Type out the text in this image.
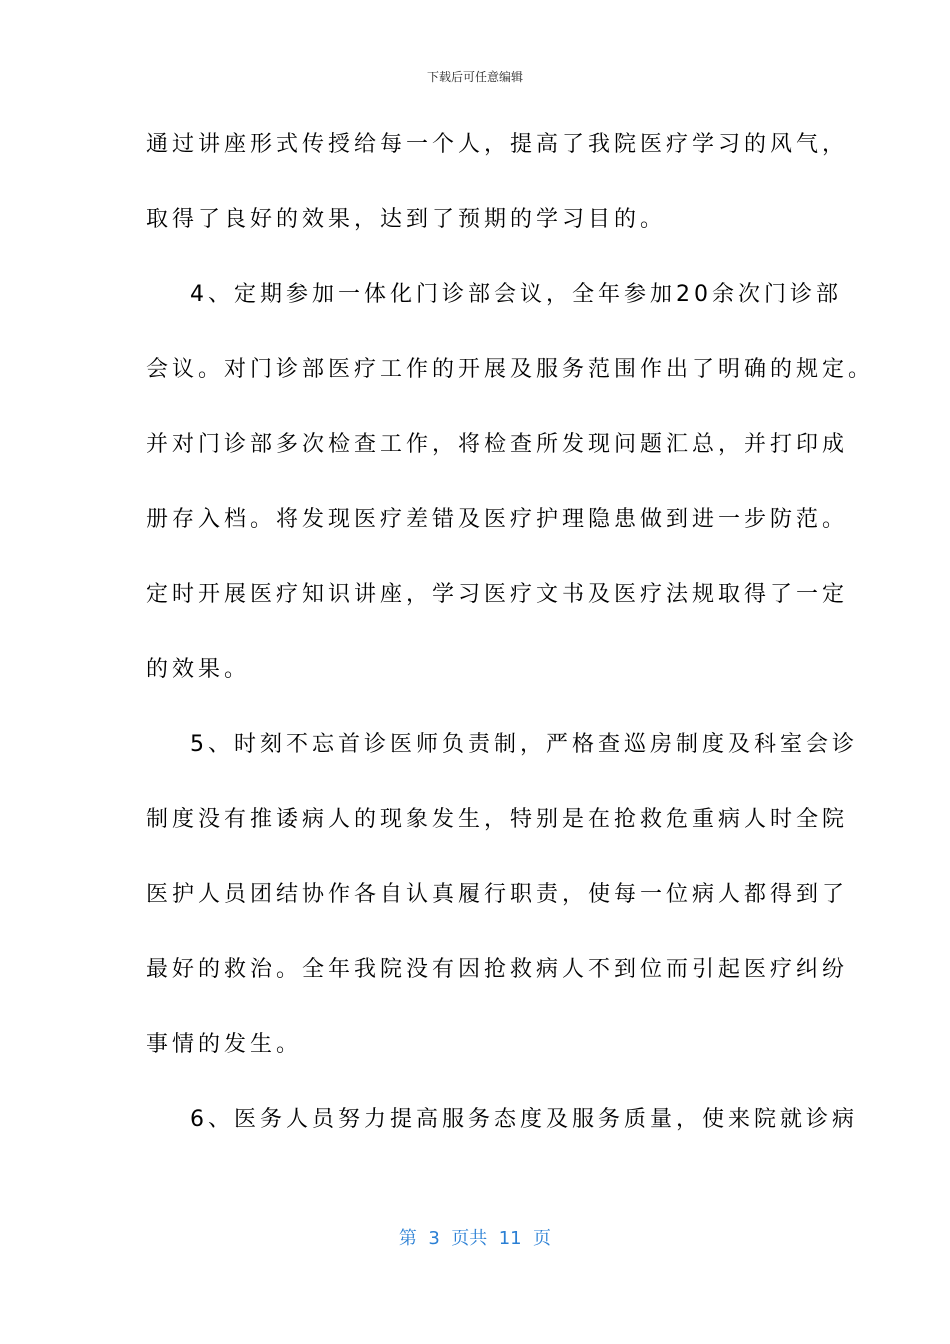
下载后可任意编辑
通过讲座形式传授给每一个人，提高了我院医疗学习的风气，
取得了良好的效果，达到了预期的学习目的。
4、定期参加一体化门诊部会议，全年参加20余次门诊部
会议。对门诊部医疗工作的开展及服务范围作出了明确的规定。
并对门诊部多次检查工作，将检查所发现问题汇总，并打印成
册存入档。将发现医疗差错及医疗护理隐患做到进一步防范。
定时开展医疗知识讲座，学习医疗文书及医疗法规取得了一定
的效果。
5、时刻不忘首诊医师负责制，严格查巡房制度及科室会诊
制度没有推诿病人的现象发生，特别是在抢救危重病人时全院
医护人员团结协作各自认真履行职责，使每一位病人都得到了
最好的救治。全年我院没有因抢救病人不到位而引起医疗纠纷
事情的发生。
6、医务人员努力提高服务态度及服务质量，使来院就诊病
第  3  页共  11  页
